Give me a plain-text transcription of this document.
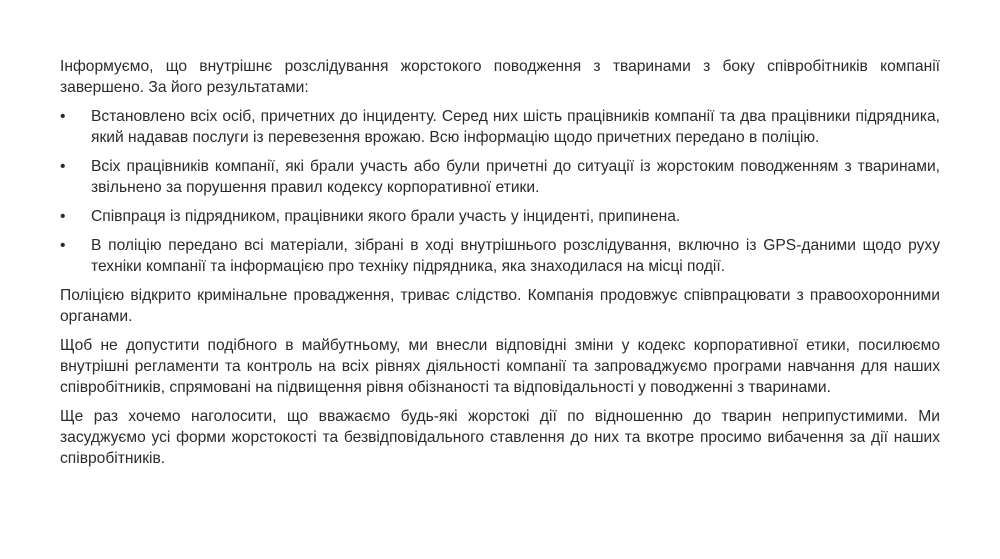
Інформуємо, що внутрішнє розслідування жорстокого поводження з тваринами з боку співробітників компанії завершено. За його результатами:

•	Встановлено всіх осіб, причетних до інциденту. Серед них шість працівників компанії та два працівники підрядника, який надавав послуги із перевезення врожаю. Всю інформацію щодо причетних передано в поліцію.
•	Всіх працівників компанії, які брали участь або були причетні до ситуації із жорстоким поводженням з тваринами, звільнено за порушення правил кодексу корпоративної етики.
•	Співпраця із підрядником, працівники якого брали участь у інциденті, припинена.
•	В поліцію передано всі матеріали, зібрані в ході внутрішнього розслідування, включно із GPS-даними щодо руху техніки компанії та інформацією про техніку підрядника, яка знаходилася на місці події.

Поліцією відкрито кримінальне провадження, триває слідство. Компанія продовжує співпрацювати з правоохоронними органами.

Щоб не допустити подібного в майбутньому, ми внесли відповідні зміни у кодекс корпоративної етики, посилюємо внутрішні регламенти та контроль на всіх рівнях діяльності компанії та запроваджуємо програми навчання для наших співробітників, спрямовані на підвищення рівня обізнаності та відповідальності у поводженні з тваринами.

Ще раз хочемо наголосити, що вважаємо будь-які жорстокі дії по відношенню до тварин неприпустимими. Ми засуджуємо усі форми жорстокості та безвідповідального ставлення до них та вкотре просимо вибачення за дії наших співробітників.
